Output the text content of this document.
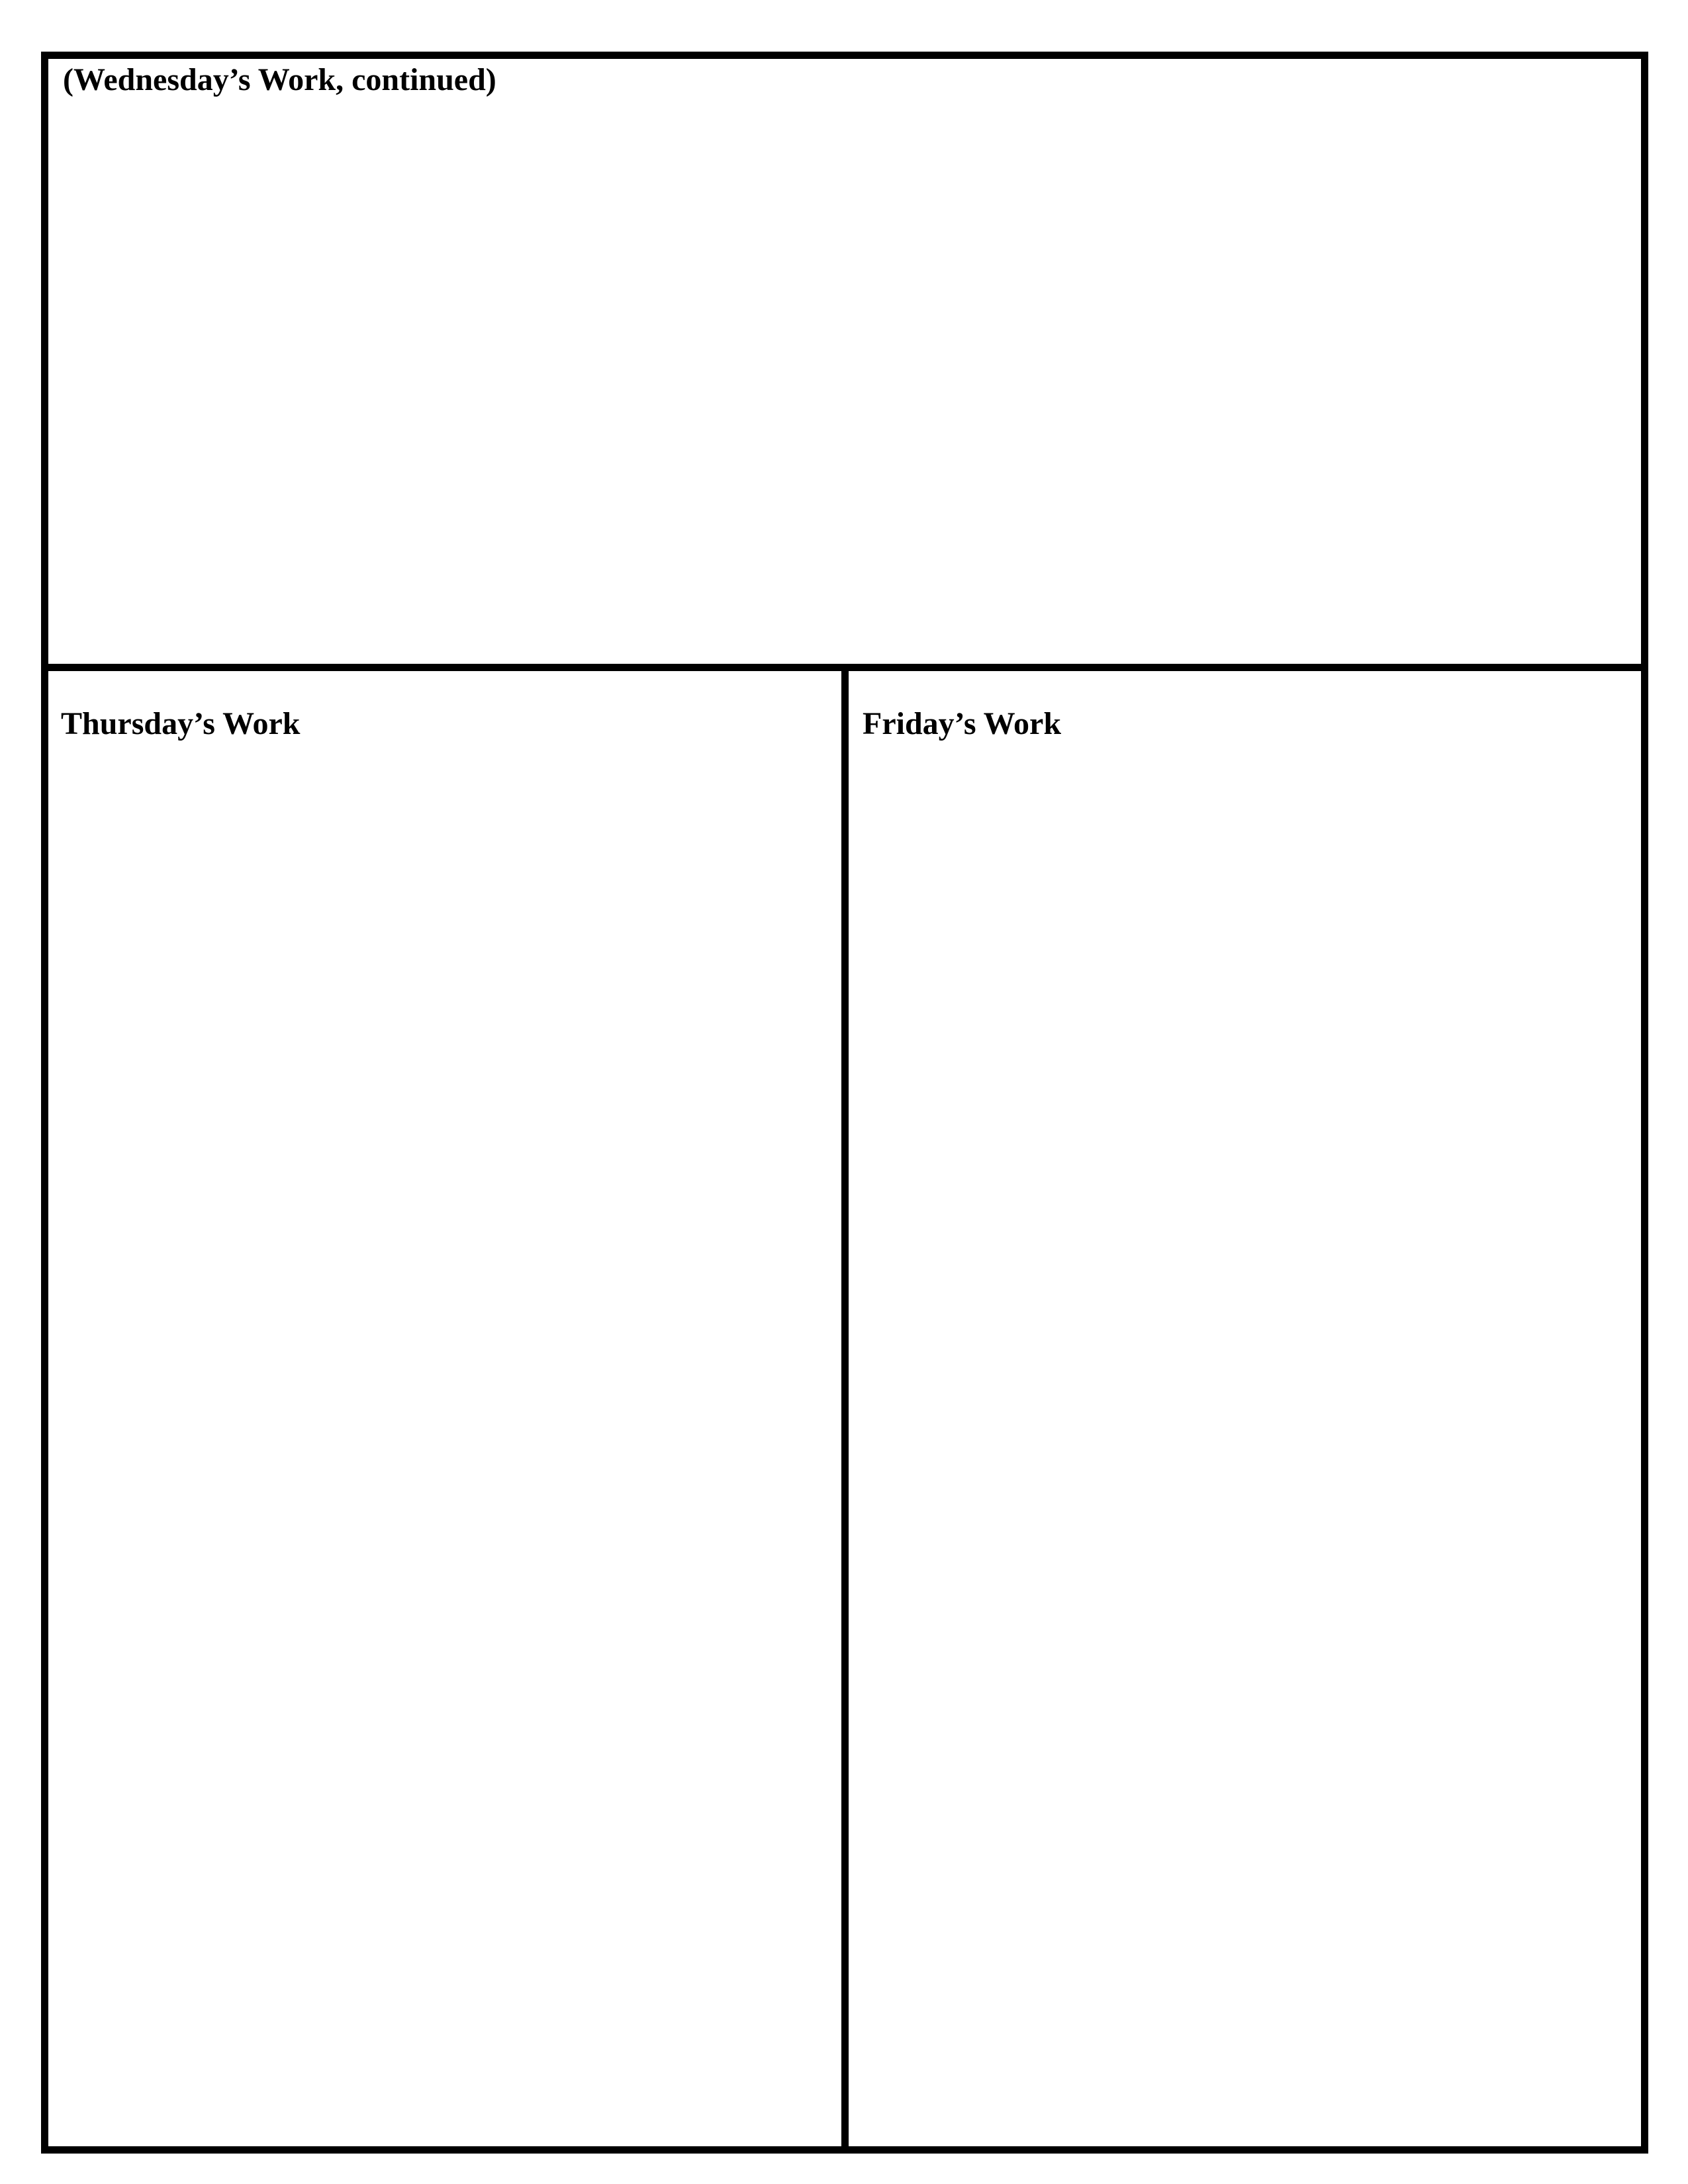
(Wednesday’s Work, continued)
Thursday’s Work	Friday’s Work
